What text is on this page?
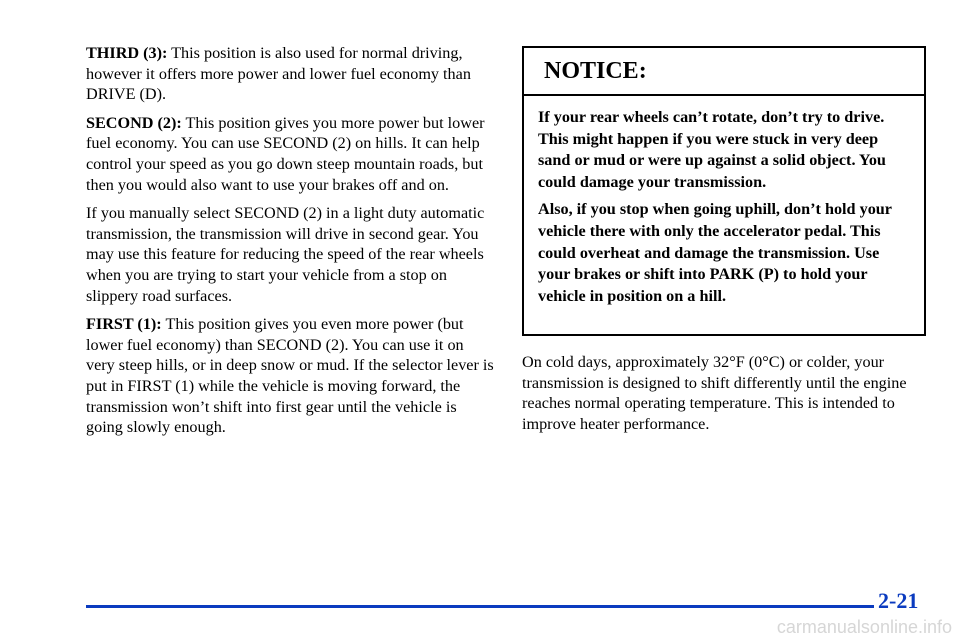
THIRD (3): This position is also used for normal driving, however it offers more power and lower fuel economy than DRIVE (D).

SECOND (2): This position gives you more power but lower fuel economy. You can use SECOND (2) on hills. It can help control your speed as you go down steep mountain roads, but then you would also want to use your brakes off and on.

If you manually select SECOND (2) in a light duty automatic transmission, the transmission will drive in second gear. You may use this feature for reducing the speed of the rear wheels when you are trying to start your vehicle from a stop on slippery road surfaces.

FIRST (1): This position gives you even more power (but lower fuel economy) than SECOND (2). You can use it on very steep hills, or in deep snow or mud. If the selector lever is put in FIRST (1) while the vehicle is moving forward, the transmission won’t shift into first gear until the vehicle is going slowly enough.

NOTICE:

If your rear wheels can’t rotate, don’t try to drive. This might happen if you were stuck in very deep sand or mud or were up against a solid object. You could damage your transmission.

Also, if you stop when going uphill, don’t hold your vehicle there with only the accelerator pedal. This could overheat and damage the transmission. Use your brakes or shift into PARK (P) to hold your vehicle in position on a hill.

On cold days, approximately 32°F (0°C) or colder, your transmission is designed to shift differently until the engine reaches normal operating temperature. This is intended to improve heater performance.

2-21
carmanualsonline.info
